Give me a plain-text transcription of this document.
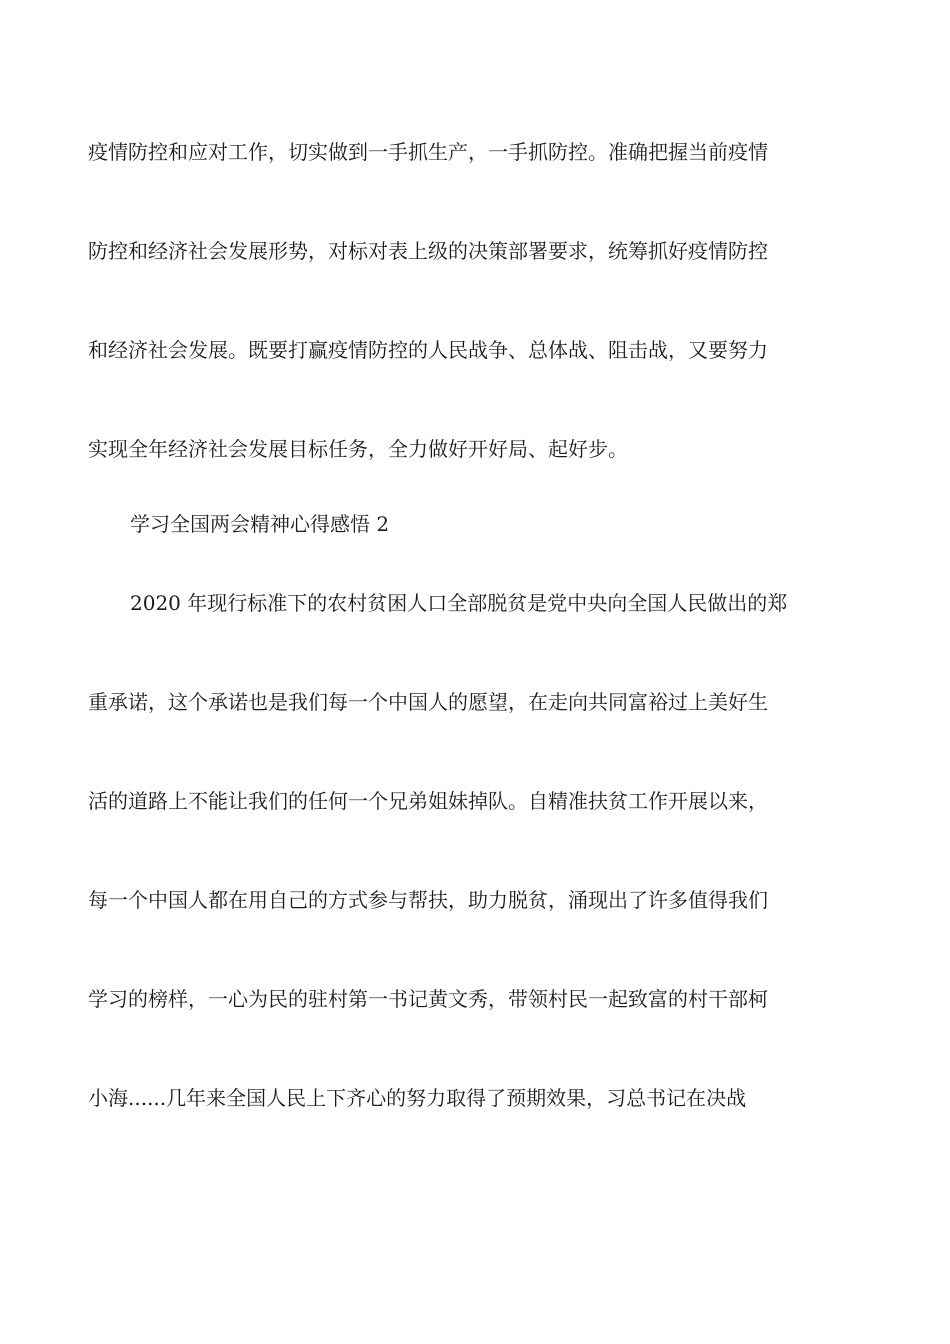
疫情防控和应对工作，切实做到一手抓生产，一手抓防控。准确把握当前疫情
防控和经济社会发展形势，对标对表上级的决策部署要求，统筹抓好疫情防控
和经济社会发展。既要打赢疫情防控的人民战争、总体战、阻击战，又要努力
实现全年经济社会发展目标任务，全力做好开好局、起好步。
学习全国两会精神心得感悟 2
2020 年现行标准下的农村贫困人口全部脱贫是党中央向全国人民做出的郑
重承诺，这个承诺也是我们每一个中国人的愿望，在走向共同富裕过上美好生
活的道路上不能让我们的任何一个兄弟姐妹掉队。自精准扶贫工作开展以来，
每一个中国人都在用自己的方式参与帮扶，助力脱贫，涌现出了许多值得我们
学习的榜样，一心为民的驻村第一书记黄文秀，带领村民一起致富的村干部柯
小海......几年来全国人民上下齐心的努力取得了预期效果，习总书记在决战
